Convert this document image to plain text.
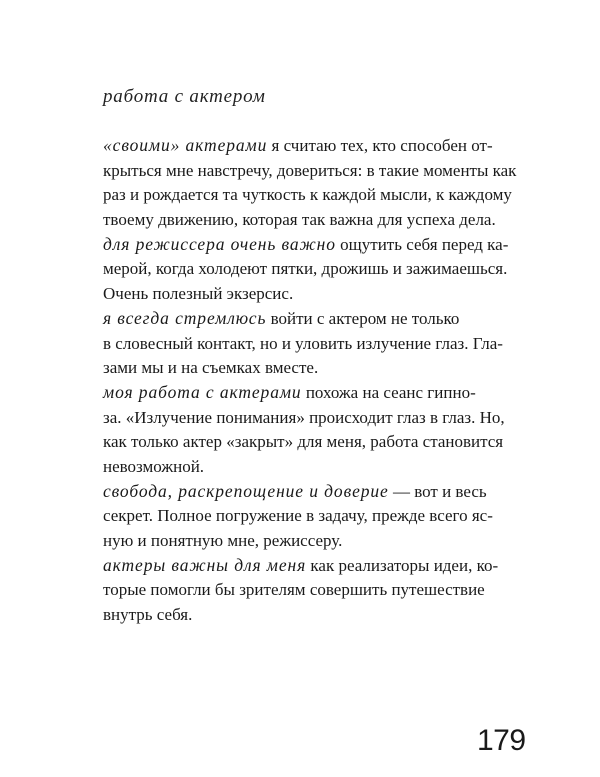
работа с актером
«своими» актерами я считаю тех, кто способен от-
крыться мне навстречу, довериться: в такие моменты как
раз и рождается та чуткость к каждой мысли, к каждому
твоему движению, которая так важна для успеха дела.
для режиссера очень важно ощутить себя перед ка-
мерой, когда холодеют пятки, дрожишь и зажимаешься.
Очень полезный экзерсис.
я всегда стремлюсь войти с актером не только
в словесный контакт, но и уловить излучение глаз. Гла-
зами мы и на съемках вместе.
моя работа с актерами похожа на сеанс гипно-
за. «Излучение понимания» происходит глаз в глаз. Но,
как только актер «закрыт» для меня, работа становится
невозможной.
свобода, раскрепощение и доверие — вот и весь
секрет. Полное погружение в задачу, прежде всего яс-
ную и понятную мне, режиссеру.
актеры важны для меня как реализаторы идеи, ко-
торые помогли бы зрителям совершить путешествие
внутрь себя.
179
